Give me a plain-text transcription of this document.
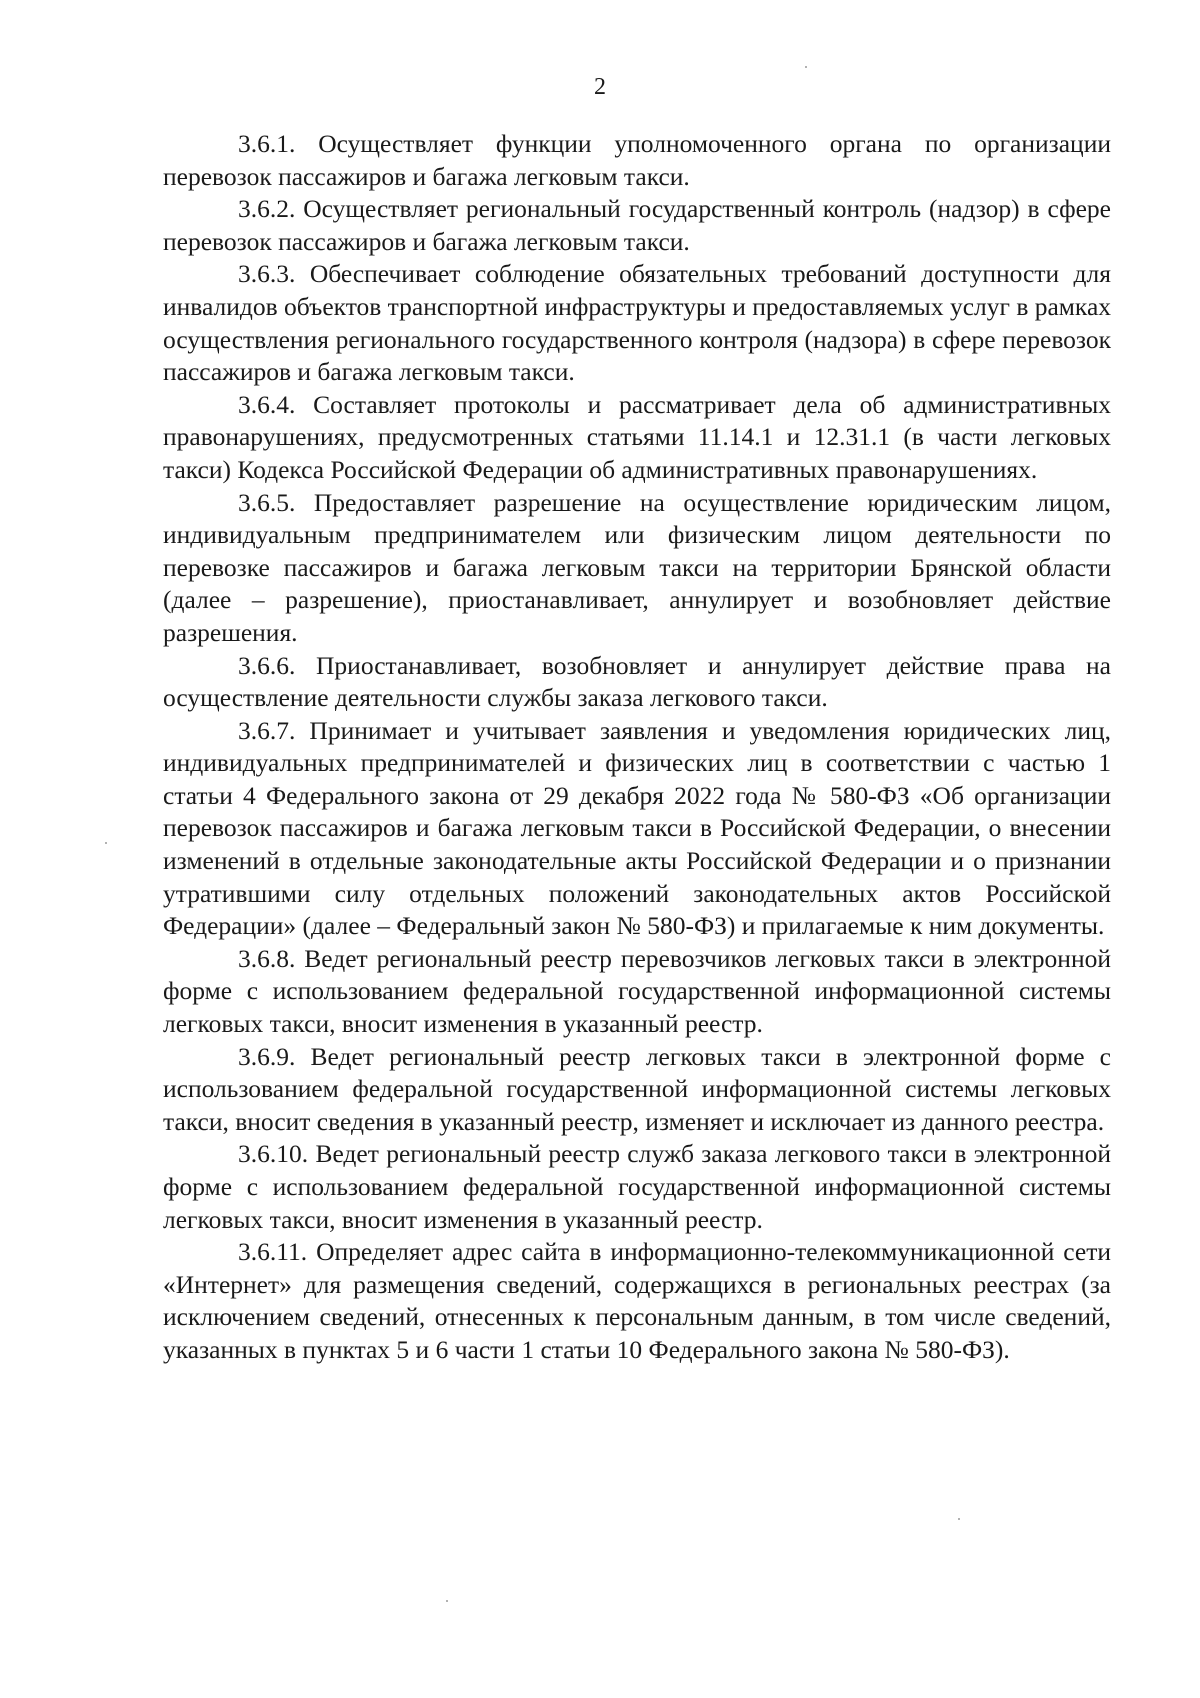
2

3.6.1. Осуществляет функции уполномоченного органа по организации перевозок пассажиров и багажа легковым такси.

3.6.2. Осуществляет региональный государственный контроль (надзор) в сфере перевозок пассажиров и багажа легковым такси.

3.6.3. Обеспечивает соблюдение обязательных требований доступности для инвалидов объектов транспортной инфраструктуры и предоставляемых услуг в рамках осуществления регионального государственного контроля (надзора) в сфере перевозок пассажиров и багажа легковым такси.

3.6.4. Составляет протоколы и рассматривает дела об административных правонарушениях, предусмотренных статьями 11.14.1 и 12.31.1 (в части легковых такси) Кодекса Российской Федерации об административных правонарушениях.

3.6.5. Предоставляет разрешение на осуществление юридическим лицом, индивидуальным предпринимателем или физическим лицом деятельности по перевозке пассажиров и багажа легковым такси на территории Брянской области (далее – разрешение), приостанавливает, аннулирует и возобновляет действие разрешения.

3.6.6. Приостанавливает, возобновляет и аннулирует действие права на осуществление деятельности службы заказа легкового такси.

3.6.7. Принимает и учитывает заявления и уведомления юридических лиц, индивидуальных предпринимателей и физических лиц в соответствии с частью 1 статьи 4 Федерального закона от 29 декабря 2022 года № 580-ФЗ «Об организации перевозок пассажиров и багажа легковым такси в Российской Федерации, о внесении изменений в отдельные законодательные акты Российской Федерации и о признании утратившими силу отдельных положений законодательных актов Российской Федерации» (далее – Федеральный закон № 580-ФЗ) и прилагаемые к ним документы.

3.6.8. Ведет региональный реестр перевозчиков легковых такси в электронной форме с использованием федеральной государственной информационной системы легковых такси, вносит изменения в указанный реестр.

3.6.9. Ведет региональный реестр легковых такси в электронной форме с использованием федеральной государственной информационной системы легковых такси, вносит сведения в указанный реестр, изменяет и исключает из данного реестра.

3.6.10. Ведет региональный реестр служб заказа легкового такси в электронной форме с использованием федеральной государственной информационной системы легковых такси, вносит изменения в указанный реестр.

3.6.11. Определяет адрес сайта в информационно-телекоммуникационной сети «Интернет» для размещения сведений, содержащихся в региональных реестрах (за исключением сведений, отнесенных к персональным данным, в том числе сведений, указанных в пунктах 5 и 6 части 1 статьи 10 Федерального закона № 580-ФЗ).
